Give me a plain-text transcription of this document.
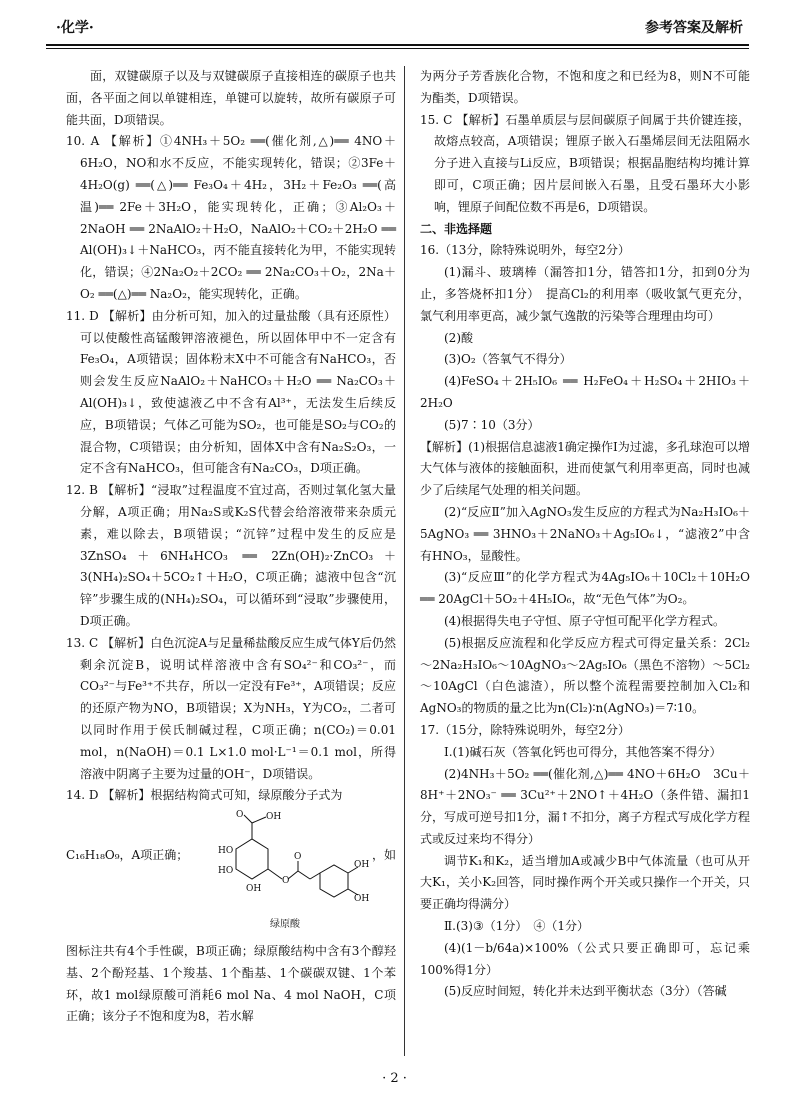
·化学·	参考答案及解析

面，双键碳原子以及与双键碳原子直接相连的碳原子也共面，各平面之间以单键相连，单键可以旋转，故所有碳原子可能共面，D项错误。

10. A 【解析】①4NH₃＋5O₂ ══(催化剂,△)══ 4NO＋6H₂O，NO和水不反应，不能实现转化，错误；②3Fe＋4H₂O(g) ══(△)══ Fe₃O₄＋4H₂，3H₂＋Fe₂O₃ ══(高温)══ 2Fe＋3H₂O，能实现转化，正确；③Al₂O₃＋2NaOH ══ 2NaAlO₂＋H₂O，NaAlO₂＋CO₂＋2H₂O ══ Al(OH)₃↓＋NaHCO₃，丙不能直接转化为甲，不能实现转化，错误；④2Na₂O₂＋2CO₂ ══ 2Na₂CO₃＋O₂，2Na＋O₂ ══(△)══ Na₂O₂，能实现转化，正确。

11. D 【解析】由分析可知，加入的过量盐酸（具有还原性）可以使酸性高锰酸钾溶液褪色，所以固体甲中不一定含有Fe₃O₄，A项错误；固体粉末X中不可能含有NaHCO₃，否则会发生反应NaAlO₂＋NaHCO₃＋H₂O ══ Na₂CO₃＋Al(OH)₃↓，致使滤液乙中不含有Al³⁺，无法发生后续反应，B项错误；气体乙可能为SO₂，也可能是SO₂与CO₂的混合物，C项错误；由分析知，固体X中含有Na₂S₂O₃，一定不含有NaHCO₃，但可能含有Na₂CO₃，D项正确。

12. B 【解析】“浸取”过程温度不宜过高，否则过氧化氢大量分解，A项正确；用Na₂S或K₂S代替会给溶液带来杂质元素，难以除去，B项错误；“沉锌”过程中发生的反应是3ZnSO₄＋6NH₄HCO₃ ══ 2Zn(OH)₂·ZnCO₃＋3(NH₄)₂SO₄＋5CO₂↑＋H₂O，C项正确；滤液中包含“沉锌”步骤生成的(NH₄)₂SO₄，可以循环到“浸取”步骤使用，D项正确。

13. C 【解析】白色沉淀A与足量稀盐酸反应生成气体Y后仍然剩余沉淀B，说明试样溶液中含有SO₄²⁻和CO₃²⁻，而CO₃²⁻与Fe³⁺不共存，所以一定没有Fe³⁺，A项错误；反应的还原产物为NO，B项错误；X为NH₃，Y为CO₂，二者可以同时作用于侯氏制碱过程，C项正确；n(CO₂)＝0.01 mol，n(NaOH)＝0.1 L×1.0 mol·L⁻¹＝0.1 mol，所得溶液中阴离子主要为过量的OH⁻，D项错误。

14. D 【解析】根据结构简式可知，绿原酸分子式为

C₁₆H₁₈O₉，A项正确；	，如
OH
O
HO
HO
OH
O
O
OH
OH
绿原酸

图标注共有4个手性碳，B项正确；绿原酸结构中含有3个醇羟基、2个酚羟基、1个羧基、1个酯基、1个碳碳双键、1个苯环，故1 mol绿原酸可消耗6 mol Na、4 mol NaOH，C项正确；该分子不饱和度为8，若水解

为两分子芳香族化合物，不饱和度之和已经为8，则N不可能为酯类，D项错误。

15. C 【解析】石墨单质层与层间碳原子间属于共价键连接，故熔点较高，A项错误；锂原子嵌入石墨烯层间无法阻隔水分子进入直接与Li反应，B项错误；根据晶胞结构均摊计算即可，C项正确；因片层间嵌入石墨，且受石墨环大小影响，锂原子间配位数不再是6，D项错误。

二、非选择题

16.（13分，除特殊说明外，每空2分）

(1)漏斗、玻璃棒（漏答扣1分，错答扣1分，扣到0分为止，多答烧杯扣1分）　提高Cl₂的利用率（吸收氯气更充分，氯气利用率更高，减少氯气逸散的污染等合理理由均可）

(2)酸

(3)O₂（答氧气不得分）

(4)FeSO₄＋2H₅IO₆ ══ H₂FeO₄＋H₂SO₄＋2HIO₃＋2H₂O

(5)7∶10（3分）

【解析】(1)根据信息滤液1确定操作Ⅰ为过滤，多孔球泡可以增大气体与液体的接触面积，进而使氯气利用率更高，同时也减少了后续尾气处理的相关问题。

(2)“反应Ⅱ”加入AgNO₃发生反应的方程式为Na₂H₃IO₆＋5AgNO₃ ══ 3HNO₃＋2NaNO₃＋Ag₅IO₆↓，“滤液2”中含有HNO₃，显酸性。

(3)“反应Ⅲ”的化学方程式为4Ag₅IO₆＋10Cl₂＋10H₂O ══ 20AgCl＋5O₂＋4H₅IO₆，故“无色气体”为O₂。

(4)根据得失电子守恒、原子守恒可配平化学方程式。

(5)根据反应流程和化学反应方程式可得定量关系：2Cl₂～2Na₂H₃IO₆～10AgNO₃～2Ag₅IO₆（黑色不溶物）～5Cl₂～10AgCl（白色滤渣），所以整个流程需要控制加入Cl₂和AgNO₃的物质的量之比为n(Cl₂)∶n(AgNO₃)＝7∶10。

17.（15分，除特殊说明外，每空2分）

Ⅰ.(1)碱石灰（答氧化钙也可得分，其他答案不得分）

(2)4NH₃＋5O₂ ══(催化剂,△)══ 4NO＋6H₂O　3Cu＋8H⁺＋2NO₃⁻ ══ 3Cu²⁺＋2NO↑＋4H₂O（条件错、漏扣1分，写成可逆号扣1分，漏↑不扣分，离子方程式写成化学方程式或反过来均不得分）

调节K₁和K₂，适当增加A或减少B中气体流量（也可从开大K₁，关小K₂回答，同时操作两个开关或只操作一个开关，只要正确均得满分）

Ⅱ.(3)③（1分）　④（1分）

(4)(1－b/64a)×100%（公式只要正确即可，忘记乘100%得1分）

(5)反应时间短，转化并未达到平衡状态（3分）（答碱

· 2 ·
